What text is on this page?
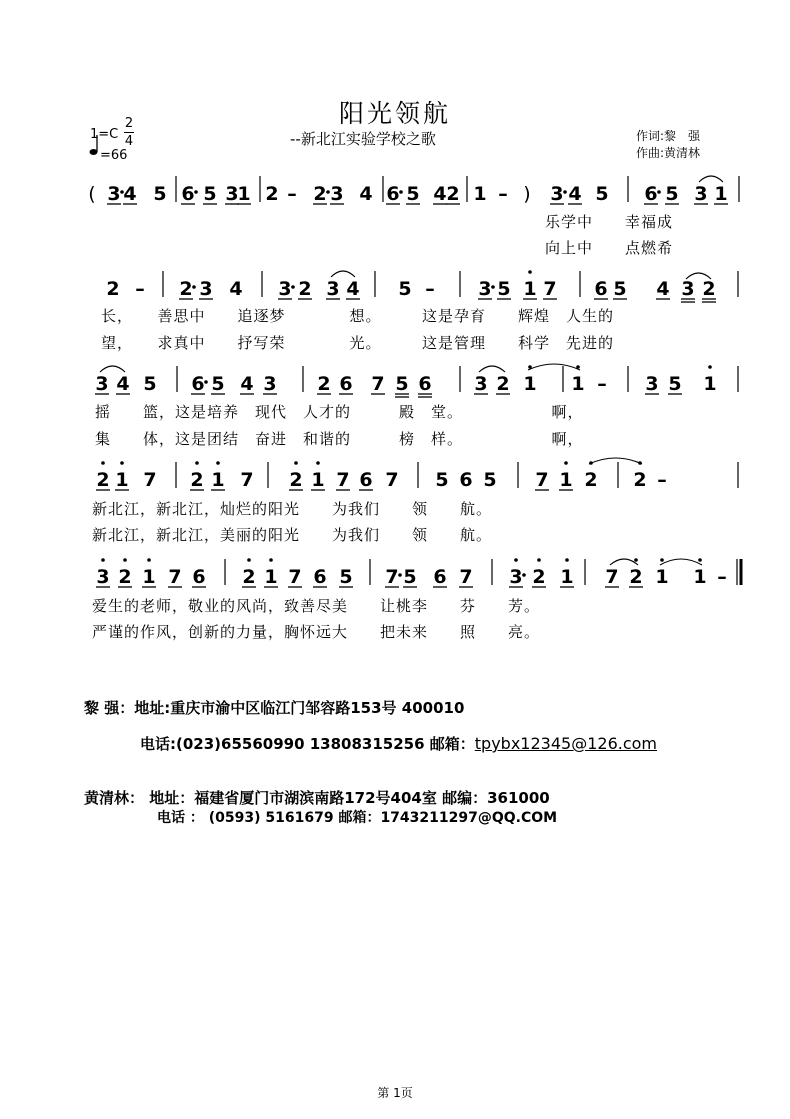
阳光领航
--新北江实验学校之歌
1=C
2
4
=66
作词:黎　强
作曲:黄清林
(	)
3 4 5 6 5 3
1 2 – 2 3 4 6 5 4 2 1 – 3 4 5 6 5 3 1
2 – 2 3 4 3 2 3 4 5 – 3 5 1 7 6 5 4 3 2
3 4 5 6 5 4 3 2 6 7 5 6 3 2 1 1 – 3 5 1
2 1 7 2 1 7 2 1 7 6 7 5 6 5 7 1 2 2 –
3 2 1 7 6 2 1 7 6 5 7 5 6 7 3 2 1 7 2 1 1 –
乐学中　　幸福成
向上中　　点燃希
长，　　善思中　　追逐梦　　　　想。　　　这是孕育　　辉煌　人生的
望，　　求真中　　抒写荣　　　　光。　　　这是管理　　科学　先进的
摇　　篮，这是培养　现代　人才的　　　殿　堂。　　　　　　啊，
集　　体，这是团结　奋进　和谐的　　　榜　样。　　　　　　啊，
新北江，新北江，灿烂的阳光　　为我们　　领　　航。
新北江，新北江，美丽的阳光　　为我们　　领　　航。
爱生的老师，敬业的风尚，致善尽美　　让桃李　　芬　　芳。
严谨的作风，创新的力量，胸怀远大　　把未来　　照　　亮。
黎 强：地址:重庆市渝中区临江门邹容路153号 400010
电话:(023)65560990 13808315256 邮箱：tpybx12345@126.com
黄清林： 地址：福建省厦门市湖滨南路172号404室 邮编：361000
电话 ： (0593) 5161679 邮箱：1743211297@QQ.COM
第 1页
